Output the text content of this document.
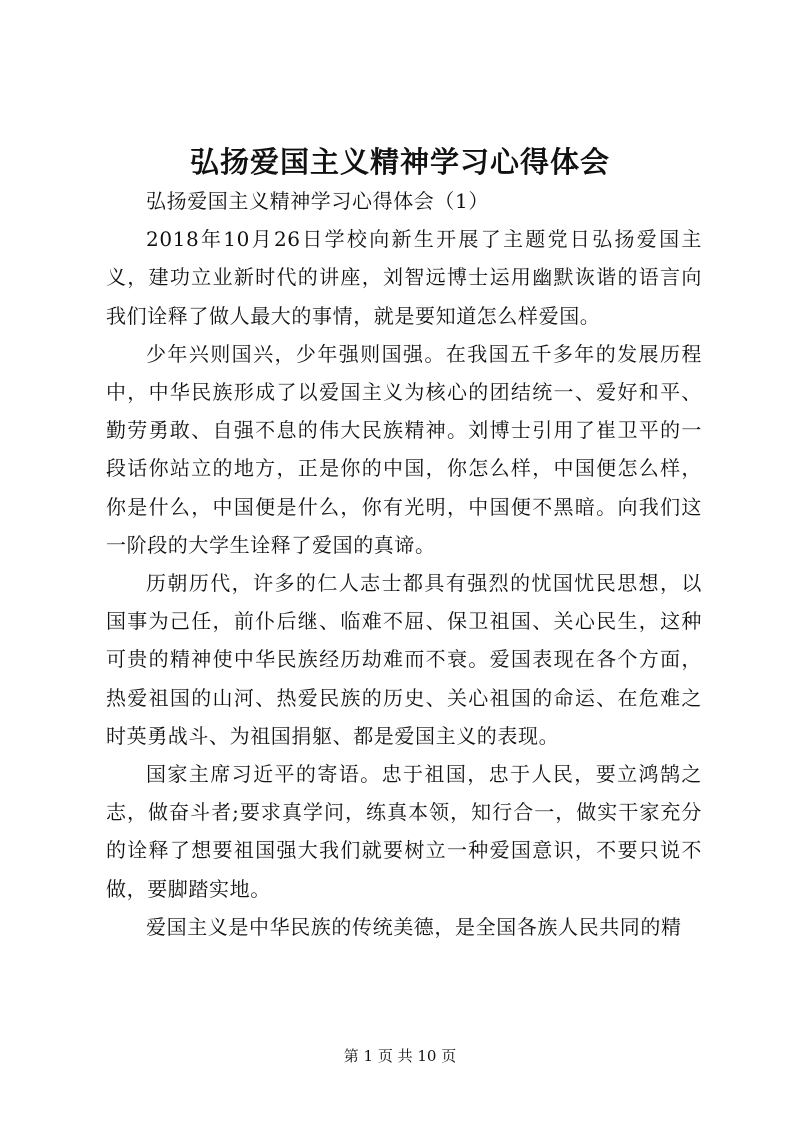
弘扬爱国主义精神学习心得体会

弘扬爱国主义精神学习心得体会（1）

2018年10月26日学校向新生开展了主题党日弘扬爱国主义，建功立业新时代的讲座，刘智远博士运用幽默诙谐的语言向我们诠释了做人最大的事情，就是要知道怎么样爱国。

少年兴则国兴，少年强则国强。在我国五千多年的发展历程中，中华民族形成了以爱国主义为核心的团结统一、爱好和平、勤劳勇敢、自强不息的伟大民族精神。刘博士引用了崔卫平的一段话你站立的地方，正是你的中国，你怎么样，中国便怎么样，你是什么，中国便是什么，你有光明，中国便不黑暗。向我们这一阶段的大学生诠释了爱国的真谛。

历朝历代，许多的仁人志士都具有强烈的忧国忧民思想，以国事为己任，前仆后继、临难不屈、保卫祖国、关心民生，这种可贵的精神使中华民族经历劫难而不衰。爱国表现在各个方面，热爱祖国的山河、热爱民族的历史、关心祖国的命运、在危难之时英勇战斗、为祖国捐躯、都是爱国主义的表现。

国家主席习近平的寄语。忠于祖国，忠于人民，要立鸿鹄之志，做奋斗者;要求真学问，练真本领，知行合一，做实干家充分的诠释了想要祖国强大我们就要树立一种爱国意识，不要只说不做，要脚踏实地。

爱国主义是中华民族的传统美德，是全国各族人民共同的精

第 1 页 共 10 页
